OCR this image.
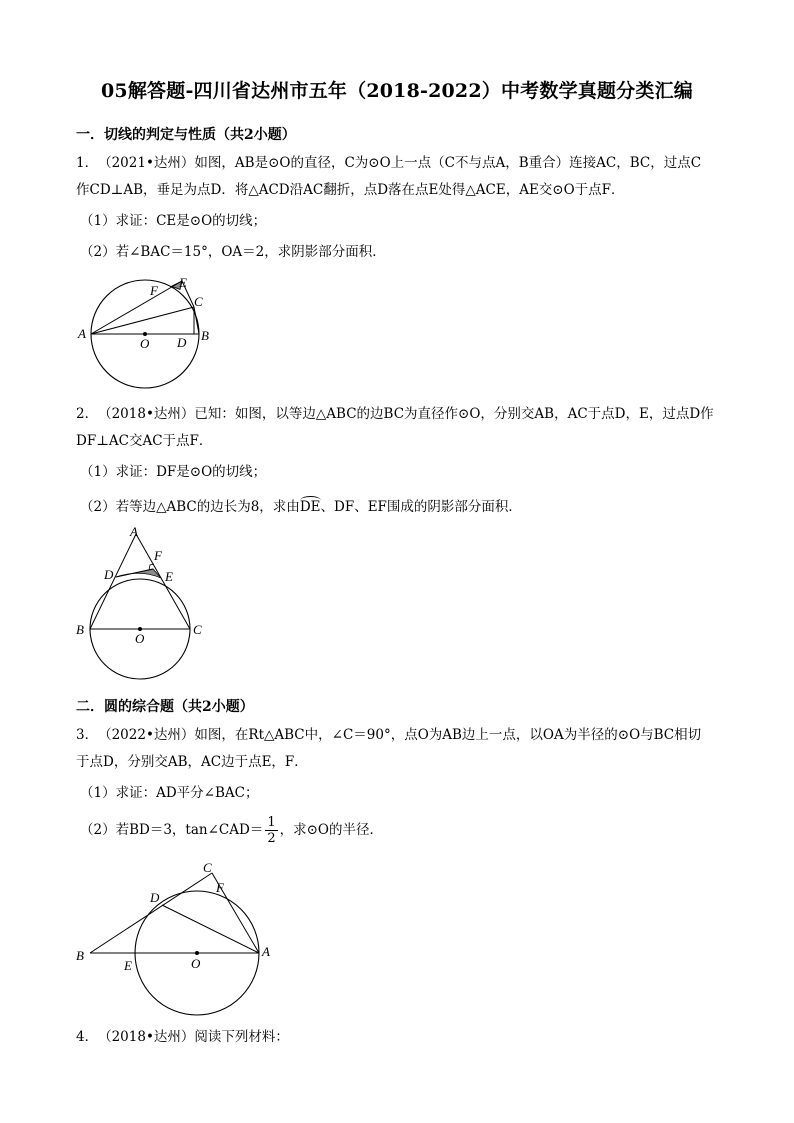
05解答题-四川省达州市五年（2018-2022）中考数学真题分类汇编
一．切线的判定与性质（共2小题）
1．　（2021•达州）如图，AB是⊙O的直径，C为⊙O上一点（C不与点A，B重合）连接AC，BC，过点C
作CD⊥AB，垂足为点D．将△ACD沿AC翻折，点D落在点E处得△ACE，AE交⊙O于点F．
（1）求证：CE是⊙O的切线；
（2）若∠BAC＝15°，OA＝2，求阴影部分面积．
A	B
C
D
E
F
O
2．　（2018•达州）已知：如图，以等边△ABC的边BC为直径作⊙O，分别交AB，AC于点D，E，过点D作
DF⊥AC交AC于点F．
（1）求证：DF是⊙O的切线；
（2）若等边△ABC的边长为8，求由DE、DF、EF围成的阴影部分面积．
A
B	C
D	E
F
O
二．圆的综合题（共2小题）
3．　（2022•达州）如图，在Rt△ABC中，∠C＝90°，点O为AB边上一点，以OA为半径的⊙O与BC相切
于点D，分别交AB，AC边于点E，F．
（1）求证：AD平分∠BAC；
（2）若BD＝3，tan∠CAD＝ $\frac{1}{2}$ ，求⊙O的半径．
A
B
C
D
E
F
O
4．　（2018•达州）阅读下列材料：
